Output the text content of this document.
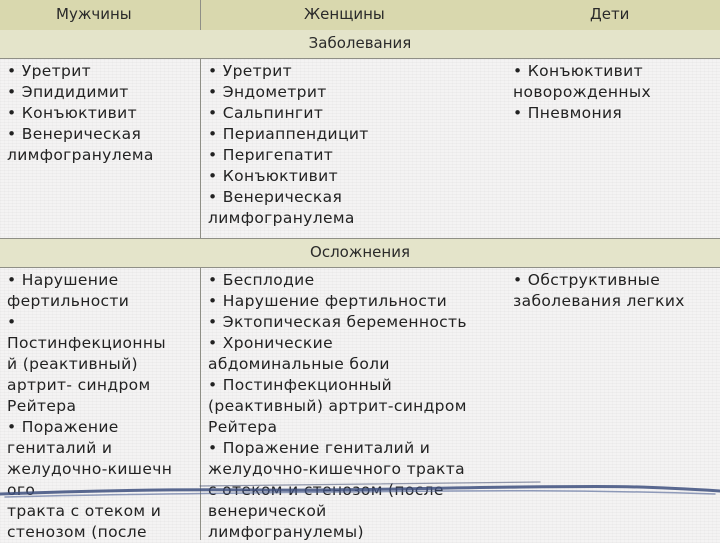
Мужчины	Женщины	Дети
Заболевания
Осложнения
• Уретрит
• Эпидидимит
• Конъюктивит
• Венерическая
лимфогранулема
• Уретрит
• Эндометрит
• Сальпингит
• Периаппендицит
• Перигепатит
• Конъюктивит
• Венерическая
лимфогранулема
• Конъюктивит
новорожденных
• Пневмония
• Нарушение
фертильности
•
Постинфекционны
й (реактивный)
артрит- синдром
Рейтера
• Поражение
гениталий и
желудочно-кишечн
ого
тракта с отеком и
стенозом (после
• Бесплодие
• Нарушение фертильности
• Эктопическая беременность
• Хронические
абдоминальные боли
• Постинфекционный
(реактивный) артрит-синдром
Рейтера
• Поражение гениталий и
желудочно-кишечного тракта
с отеком и стенозом (после
венерической
лимфогранулемы)
• Обструктивные
заболевания легких
